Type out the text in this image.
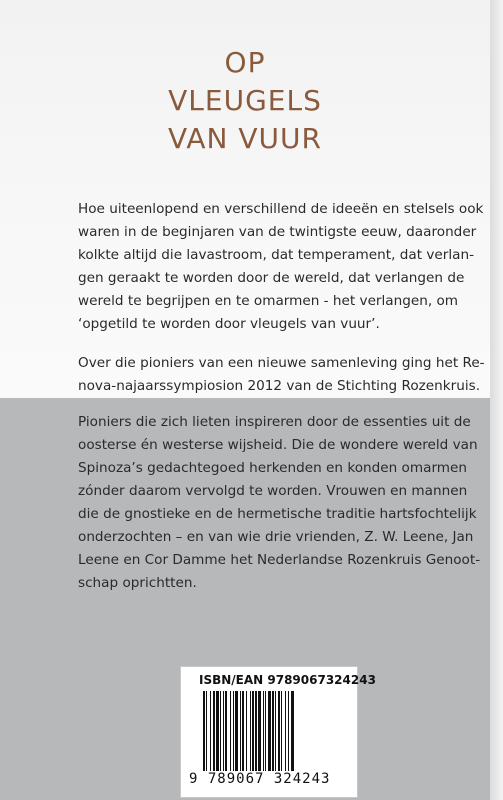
OP
VLEUGELS
VAN VUUR
Hoe uiteenlopend en verschillend de ideeën en stelsels ook
waren in de beginjaren van de twintigste eeuw, daaronder
kolkte altijd die lavastroom, dat temperament, dat verlan-
gen geraakt te worden door de wereld, dat verlangen de
wereld te begrijpen en te omarmen - het verlangen, om
‘opgetild te worden door vleugels van vuur’.
Over die pioniers van een nieuwe samenleving ging het Re-
nova-najaarssympiosion 2012 van de Stichting Rozenkruis.
Pioniers die zich lieten inspireren door de essenties uit de
oosterse én westerse wijsheid. Die de wondere wereld van
Spinoza’s gedachtegoed herkenden en konden omarmen
zónder daarom vervolgd te worden. Vrouwen en mannen
die de gnostieke en de hermetische traditie hartsfochtelijk
onderzochten – en van wie drie vrienden, Z. W. Leene, Jan
Leene en Cor Damme het Nederlandse Rozenkruis Genoot-
schap oprichtten.
ISBN/EAN 9789067324243
9 789067 324243
